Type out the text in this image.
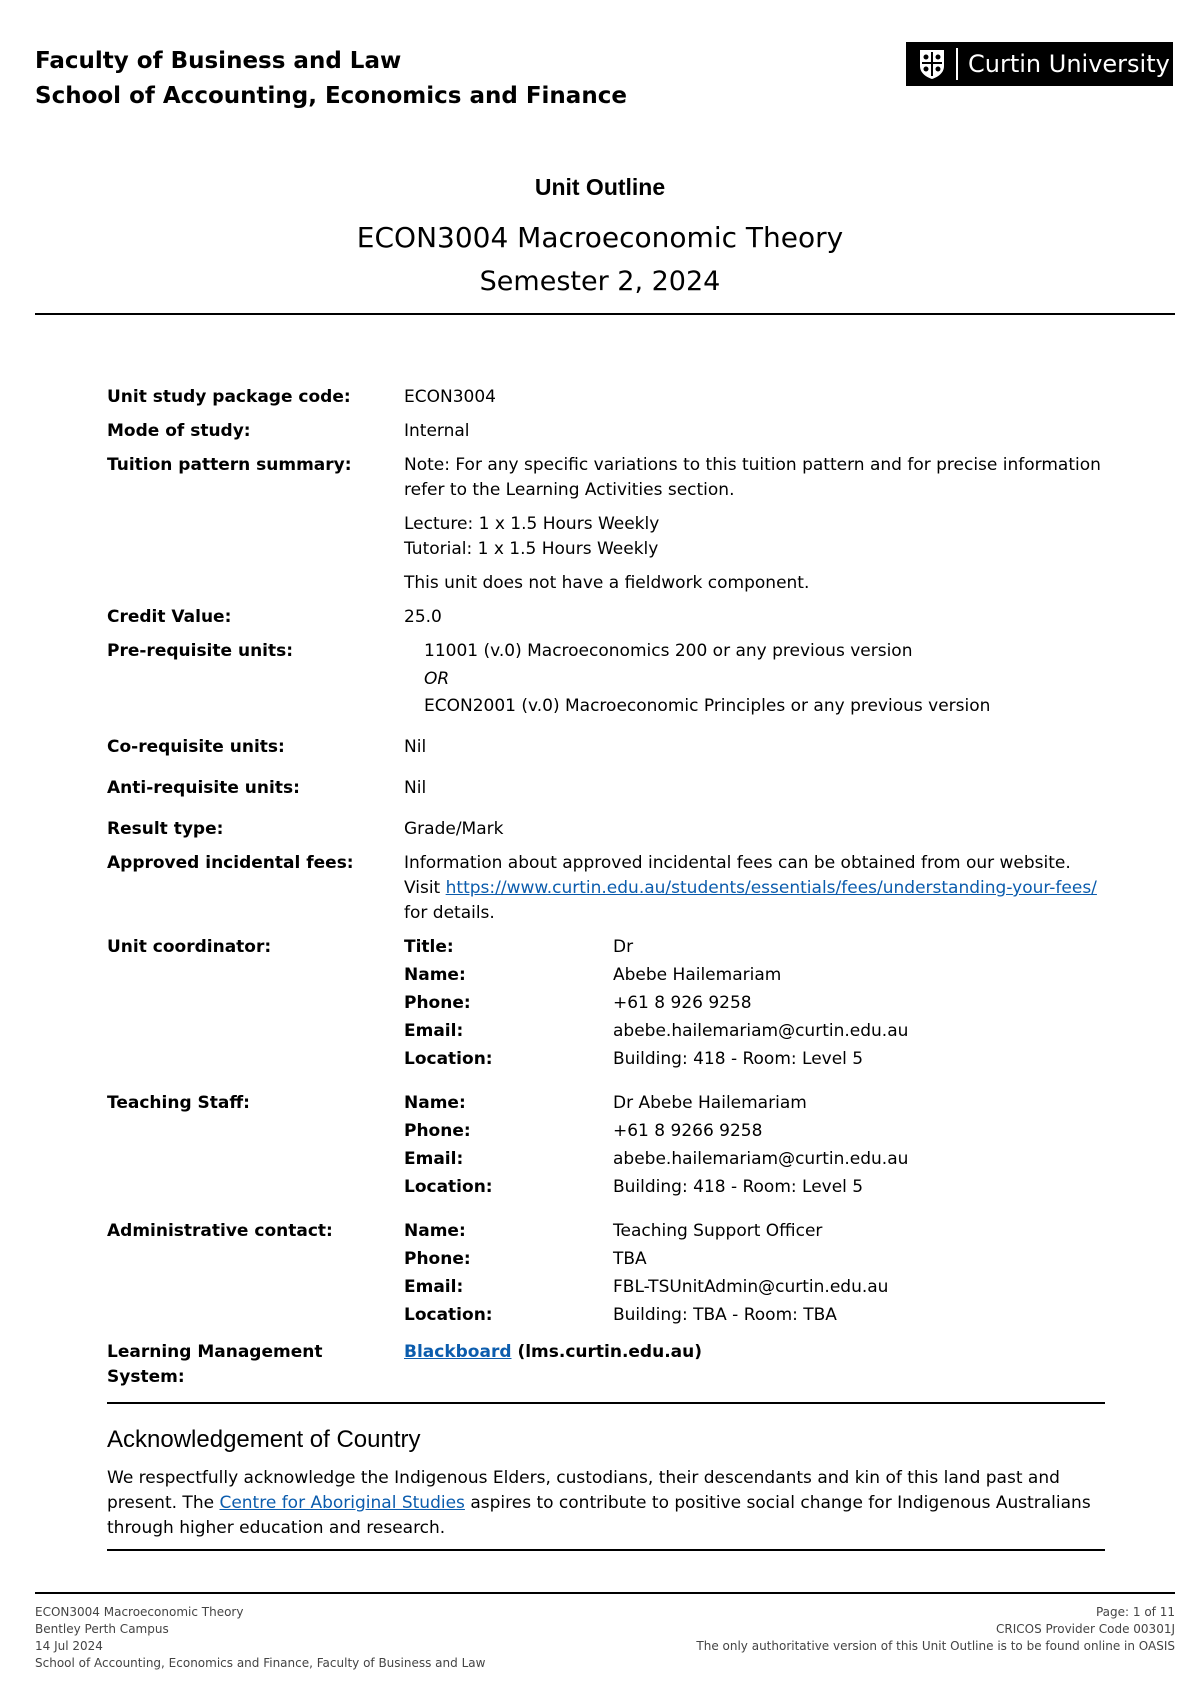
Faculty of Business and Law
School of Accounting, Economics and Finance
Curtin University
Unit Outline
ECON3004 Macroeconomic Theory
Semester 2, 2024
Unit study package code:	ECON3004
Mode of study:	Internal
Tuition pattern summary:	Note: For any specific variations to this tuition pattern and for precise information refer to the Learning Activities section.

Lecture: 1 x 1.5 Hours Weekly
Tutorial: 1 x 1.5 Hours Weekly

This unit does not have a fieldwork component.

Credit Value:	25.0
Pre-requisite units:	11001 (v.0) Macroeconomics 200 or any previous version
OR
ECON2001 (v.0) Macroeconomic Principles or any previous version
Co-requisite units:	Nil
Anti-requisite units:	Nil
Result type:	Grade/Mark
Approved incidental fees:	Information about approved incidental fees can be obtained from our website. Visit https://www.curtin.edu.au/students/essentials/fees/understanding-your-fees/ for details.
Unit coordinator:	Title:	Dr
Name:	Abebe Hailemariam
Phone:	+61 8 926 9258
Email:	abebe.hailemariam@curtin.edu.au
Location:	Building: 418 - Room: Level 5
Teaching Staff:	Name:	Dr Abebe Hailemariam
Phone:	+61 8 9266 9258
Email:	abebe.hailemariam@curtin.edu.au
Location:	Building: 418 - Room: Level 5
Administrative contact:	Name:	Teaching Support Officer
Phone:	TBA
Email:	FBL-TSUnitAdmin@curtin.edu.au
Location:	Building: TBA - Room: TBA
Learning Management System:
Blackboard (lms.curtin.edu.au)
Acknowledgement of Country

We respectfully acknowledge the Indigenous Elders, custodians, their descendants and kin of this land past and present. The Centre for Aboriginal Studies aspires to contribute to positive social change for Indigenous Australians through higher education and research.

ECON3004 Macroeconomic Theory
Bentley Perth Campus
14 Jul 2024
School of Accounting, Economics and Finance, Faculty of Business and Law
Page: 1 of 11
CRICOS Provider Code 00301J
The only authoritative version of this Unit Outline is to be found online in OASIS
